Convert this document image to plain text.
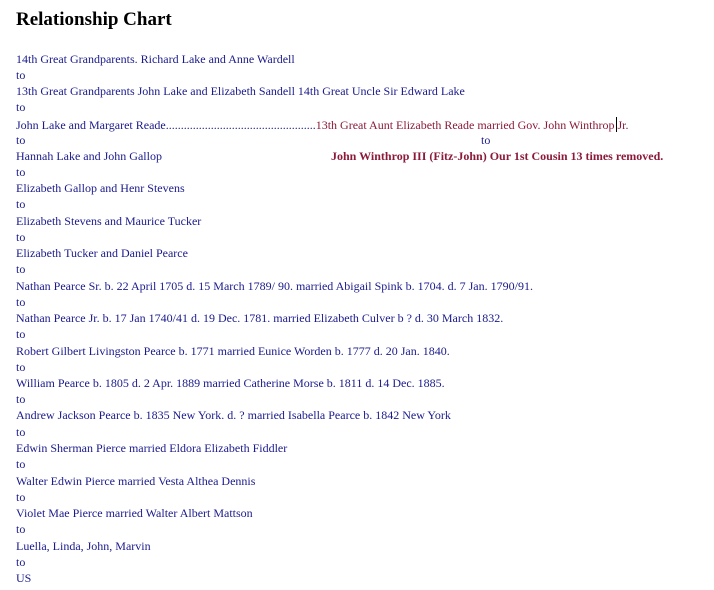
Relationship Chart
14th Great Grandparents. Richard Lake and Anne Wardell
to
13th Great Grandparents John Lake and Elizabeth Sandell 14th Great Uncle Sir Edward Lake
to
John Lake and Margaret Reade..................................................13th Great Aunt Elizabeth Reade married Gov. John Winthrop Jr.
to	to
Hannah Lake and John Gallop	John Winthrop III (Fitz-John) Our 1st Cousin 13 times removed.
to
Elizabeth Gallop and Henr Stevens
to
Elizabeth Stevens and Maurice Tucker
to
Elizabeth Tucker and Daniel Pearce
to
Nathan Pearce Sr. b. 22 April 1705 d. 15 March 1789/ 90. married Abigail Spink b. 1704. d. 7 Jan. 1790/91.
to
Nathan Pearce Jr. b. 17 Jan 1740/41 d. 19 Dec. 1781. married Elizabeth Culver b ? d. 30 March 1832.
to
Robert Gilbert Livingston Pearce b. 1771 married Eunice Worden b. 1777 d. 20 Jan. 1840.
to
William Pearce b. 1805 d. 2 Apr. 1889 married Catherine Morse b. 1811 d. 14 Dec. 1885.
to
Andrew Jackson Pearce b. 1835 New York. d. ? married Isabella Pearce b. 1842 New York
to
Edwin Sherman Pierce married Eldora Elizabeth Fiddler
to
Walter Edwin Pierce married Vesta Althea Dennis
to
Violet Mae Pierce married Walter Albert Mattson
to
Luella, Linda, John, Marvin
to
US
